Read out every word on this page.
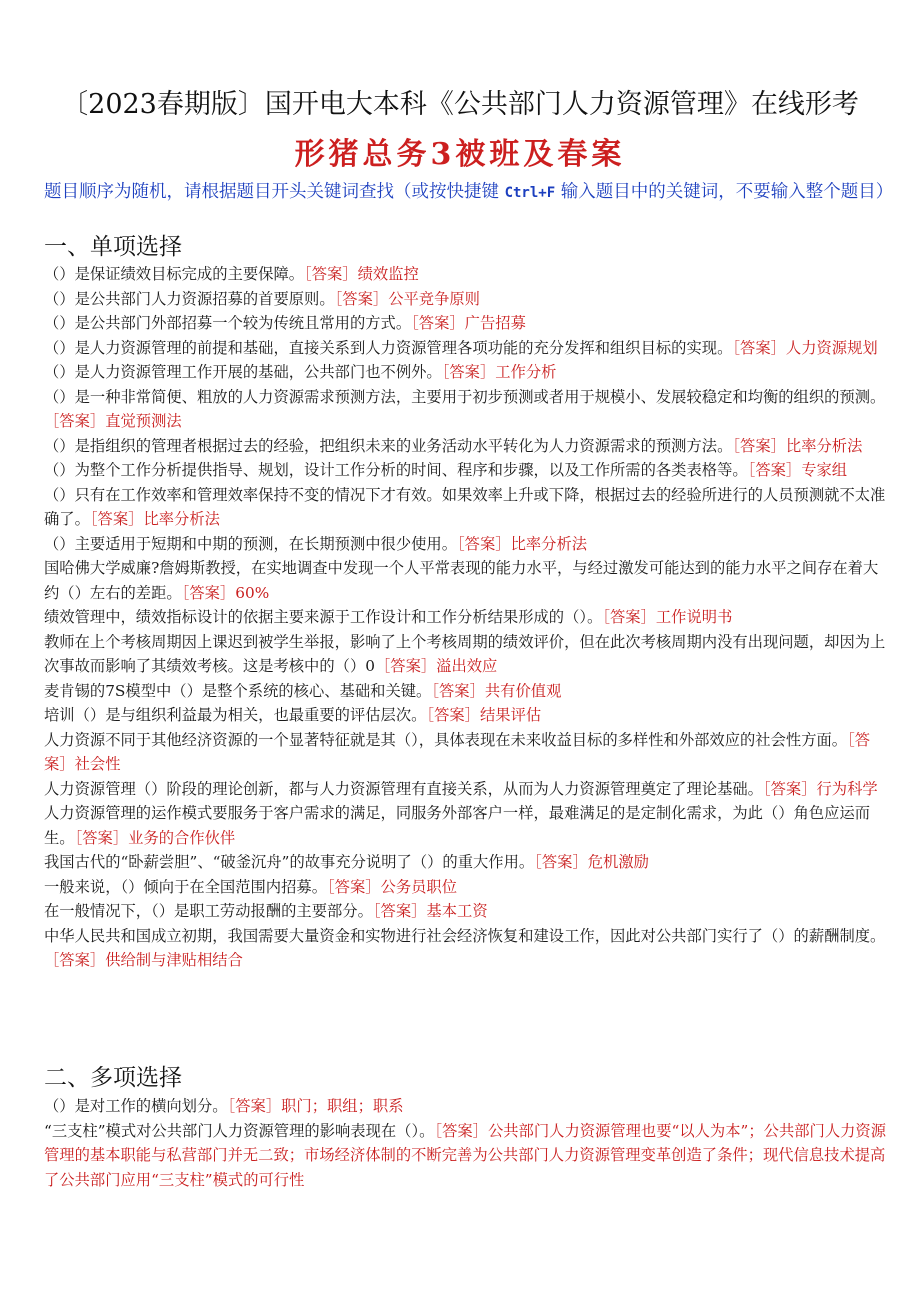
〔2023春期版〕国开电大本科《公共部门人力资源管理》在线形考
形猪总务3被班及春案
题目顺序为随机，请根据题目开头关键词查找（或按快捷键 Ctrl+F 输入题目中的关键词，不要输入整个题目）
一、单项选择

（）是保证绩效目标完成的主要保障。［答案］绩效监控

（）是公共部门人力资源招募的首要原则。［答案］公平竞争原则

（）是公共部门外部招募一个较为传统且常用的方式。［答案］广告招募

（）是人力资源管理的前提和基础，直接关系到人力资源管理各项功能的充分发挥和组织目标的实现。［答案］人力资源规划

（）是人力资源管理工作开展的基础，公共部门也不例外。［答案］工作分析

（）是一种非常简便、粗放的人力资源需求预测方法，主要用于初步预测或者用于规模小、发展较稳定和均衡的组织的预测。［答案］直觉预测法

（）是指组织的管理者根据过去的经验，把组织未来的业务活动水平转化为人力资源需求的预测方法。［答案］比率分析法

（）为整个工作分析提供指导、规划，设计工作分析的时间、程序和步骤，以及工作所需的各类表格等。［答案］专家组

（）只有在工作效率和管理效率保持不变的情况下才有效。如果效率上升或下降，根据过去的经验所进行的人员预测就不太准确了。［答案］比率分析法

（）主要适用于短期和中期的预测，在长期预测中很少使用。［答案］比率分析法

国哈佛大学威廉?詹姆斯教授，在实地调查中发现一个人平常表现的能力水平，与经过激发可能达到的能力水平之间存在着大约（）左右的差距。［答案］60%

绩效管理中，绩效指标设计的依据主要来源于工作设计和工作分析结果形成的（）。［答案］工作说明书

教师在上个考核周期因上课迟到被学生举报，影响了上个考核周期的绩效评价，但在此次考核周期内没有出现问题，却因为上次事故而影响了其绩效考核。这是考核中的（）0［答案］溢出效应

麦肯锡的7S模型中（）是整个系统的核心、基础和关键。［答案］共有价值观

培训（）是与组织利益最为相关，也最重要的评估层次。［答案］结果评估

人力资源不同于其他经济资源的一个显著特征就是其（），具体表现在未来收益目标的多样性和外部效应的社会性方面。［答案］社会性

人力资源管理（）阶段的理论创新，都与人力资源管理有直接关系，从而为人力资源管理奠定了理论基础。［答案］行为科学

人力资源管理的运作模式要服务于客户需求的满足，同服务外部客户一样，最难满足的是定制化需求，为此（）角色应运而生。［答案］业务的合作伙伴

我国古代的“卧薪尝胆”、“破釜沉舟”的故事充分说明了（）的重大作用。［答案］危机激励

一般来说，（）倾向于在全国范围内招募。［答案］公务员职位

在一般情况下，（）是职工劳动报酬的主要部分。［答案］基本工资

中华人民共和国成立初期，我国需要大量资金和实物进行社会经济恢复和建设工作，因此对公共部门实行了（）的薪酬制度。［答案］供给制与津贴相结合

二、多项选择

（）是对工作的横向划分。［答案］职门；职组；职系

“三支柱”模式对公共部门人力资源管理的影响表现在（）。［答案］公共部门人力资源管理也要“以人为本”；公共部门人力资源管理的基本职能与私营部门并无二致；市场经济体制的不断完善为公共部门人力资源管理变革创造了条件；现代信息技术提高了公共部门应用“三支柱”模式的可行性
